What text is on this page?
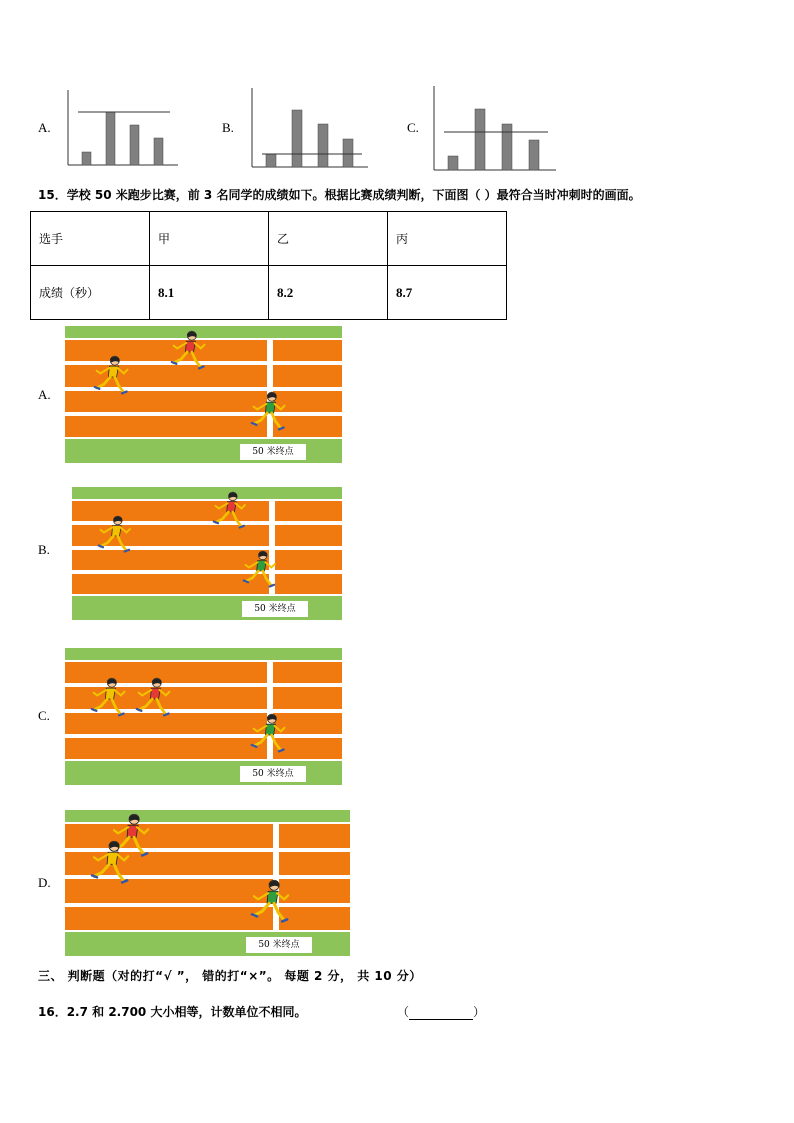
A.	B.	C.
15．学校 50 米跑步比赛，前 3 名同学的成绩如下。根据比赛成绩判断，下面图（ ）最符合当时冲刺时的画面。
选手	甲	乙	丙
成绩（秒）	8.1	8.2	8.7
A.
B.
C.
D.
50 米终点
50 米终点
50 米终点
50 米终点
三、 判断题（对的打“√ ”， 错的打“×”。 每题 2 分， 共 10 分）
16．2.7 和 2.700 大小相等，计数单位不相同。	（	）
